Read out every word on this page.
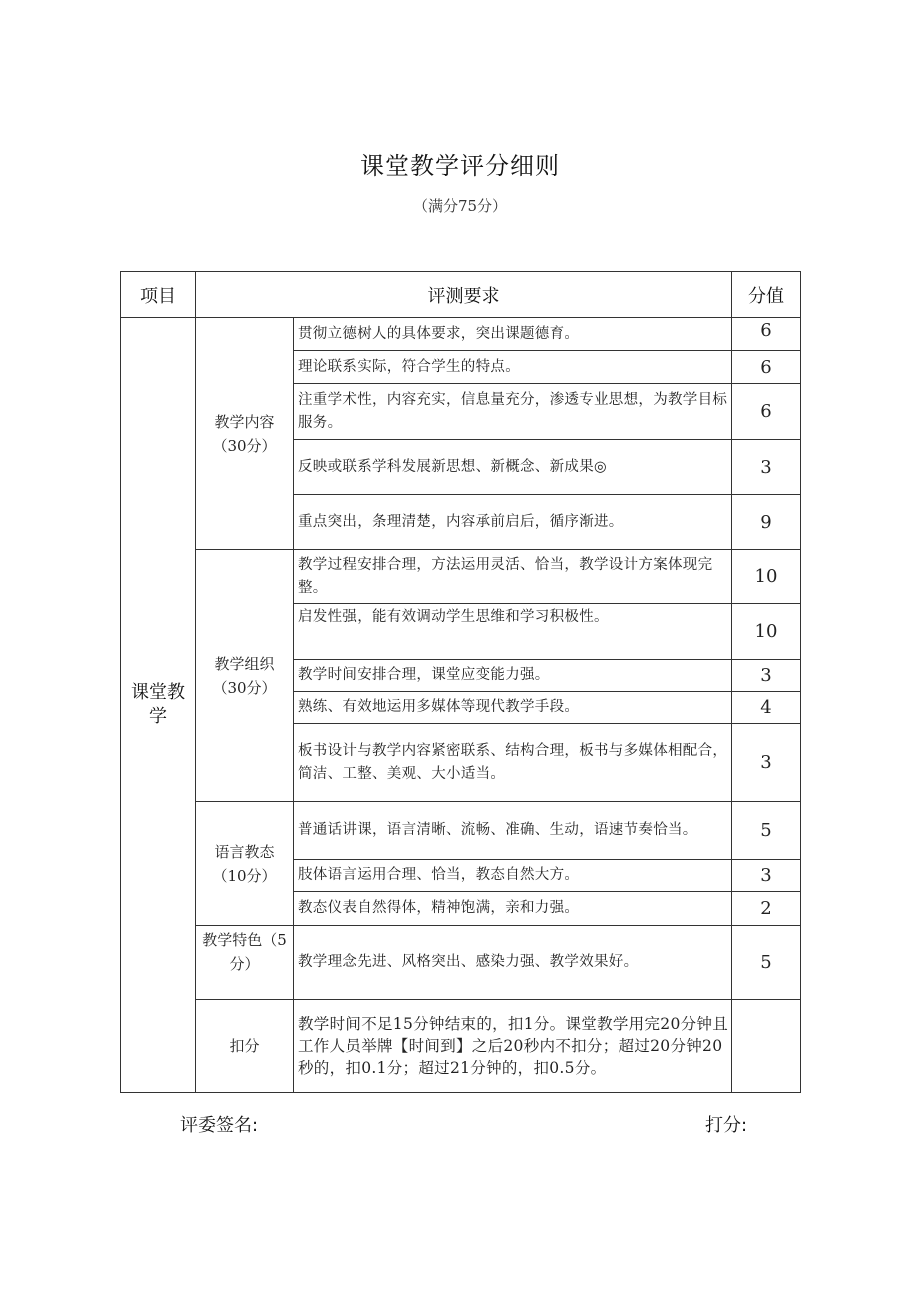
课堂教学评分细则
（满分75分）
项目	评测要求		分值
课堂教学	教学内容（30分）	贯彻立德树人的具体要求，突出课题德育。	6
		理论联系实际，符合学生的特点。	6
		注重学术性，内容充实，信息量充分，渗透专业思想，为教学目标服务。	6
		反映或联系学科发展新思想、新概念、新成果◎	3
		重点突出，条理清楚，内容承前启后，循序渐进。	9
	教学组织（30分）	教学过程安排合理，方法运用灵活、恰当，教学设计方案体现完整。	10
		启发性强，能有效调动学生思维和学习积极性。	10
		教学时间安排合理，课堂应变能力强。	3
		熟练、有效地运用多媒体等现代教学手段。	4
		板书设计与教学内容紧密联系、结构合理，板书与多媒体相配合，简洁、工整、美观、大小适当。	3
	语言教态（10分）	普通话讲课，语言清晰、流畅、准确、生动，语速节奏恰当。	5
		肢体语言运用合理、恰当，教态自然大方。	3
		教态仪表自然得体，精神饱满，亲和力强。	2
	教学特色（5分）	教学理念先进、风格突出、感染力强、教学效果好。	5
	扣分	教学时间不足15分钟结束的，扣1分。课堂教学用完20分钟且工作人员举牌【时间到】之后20秒内不扣分；超过20分钟20秒的，扣0.1分；超过21分钟的，扣0.5分。	
评委签名:	打分:
